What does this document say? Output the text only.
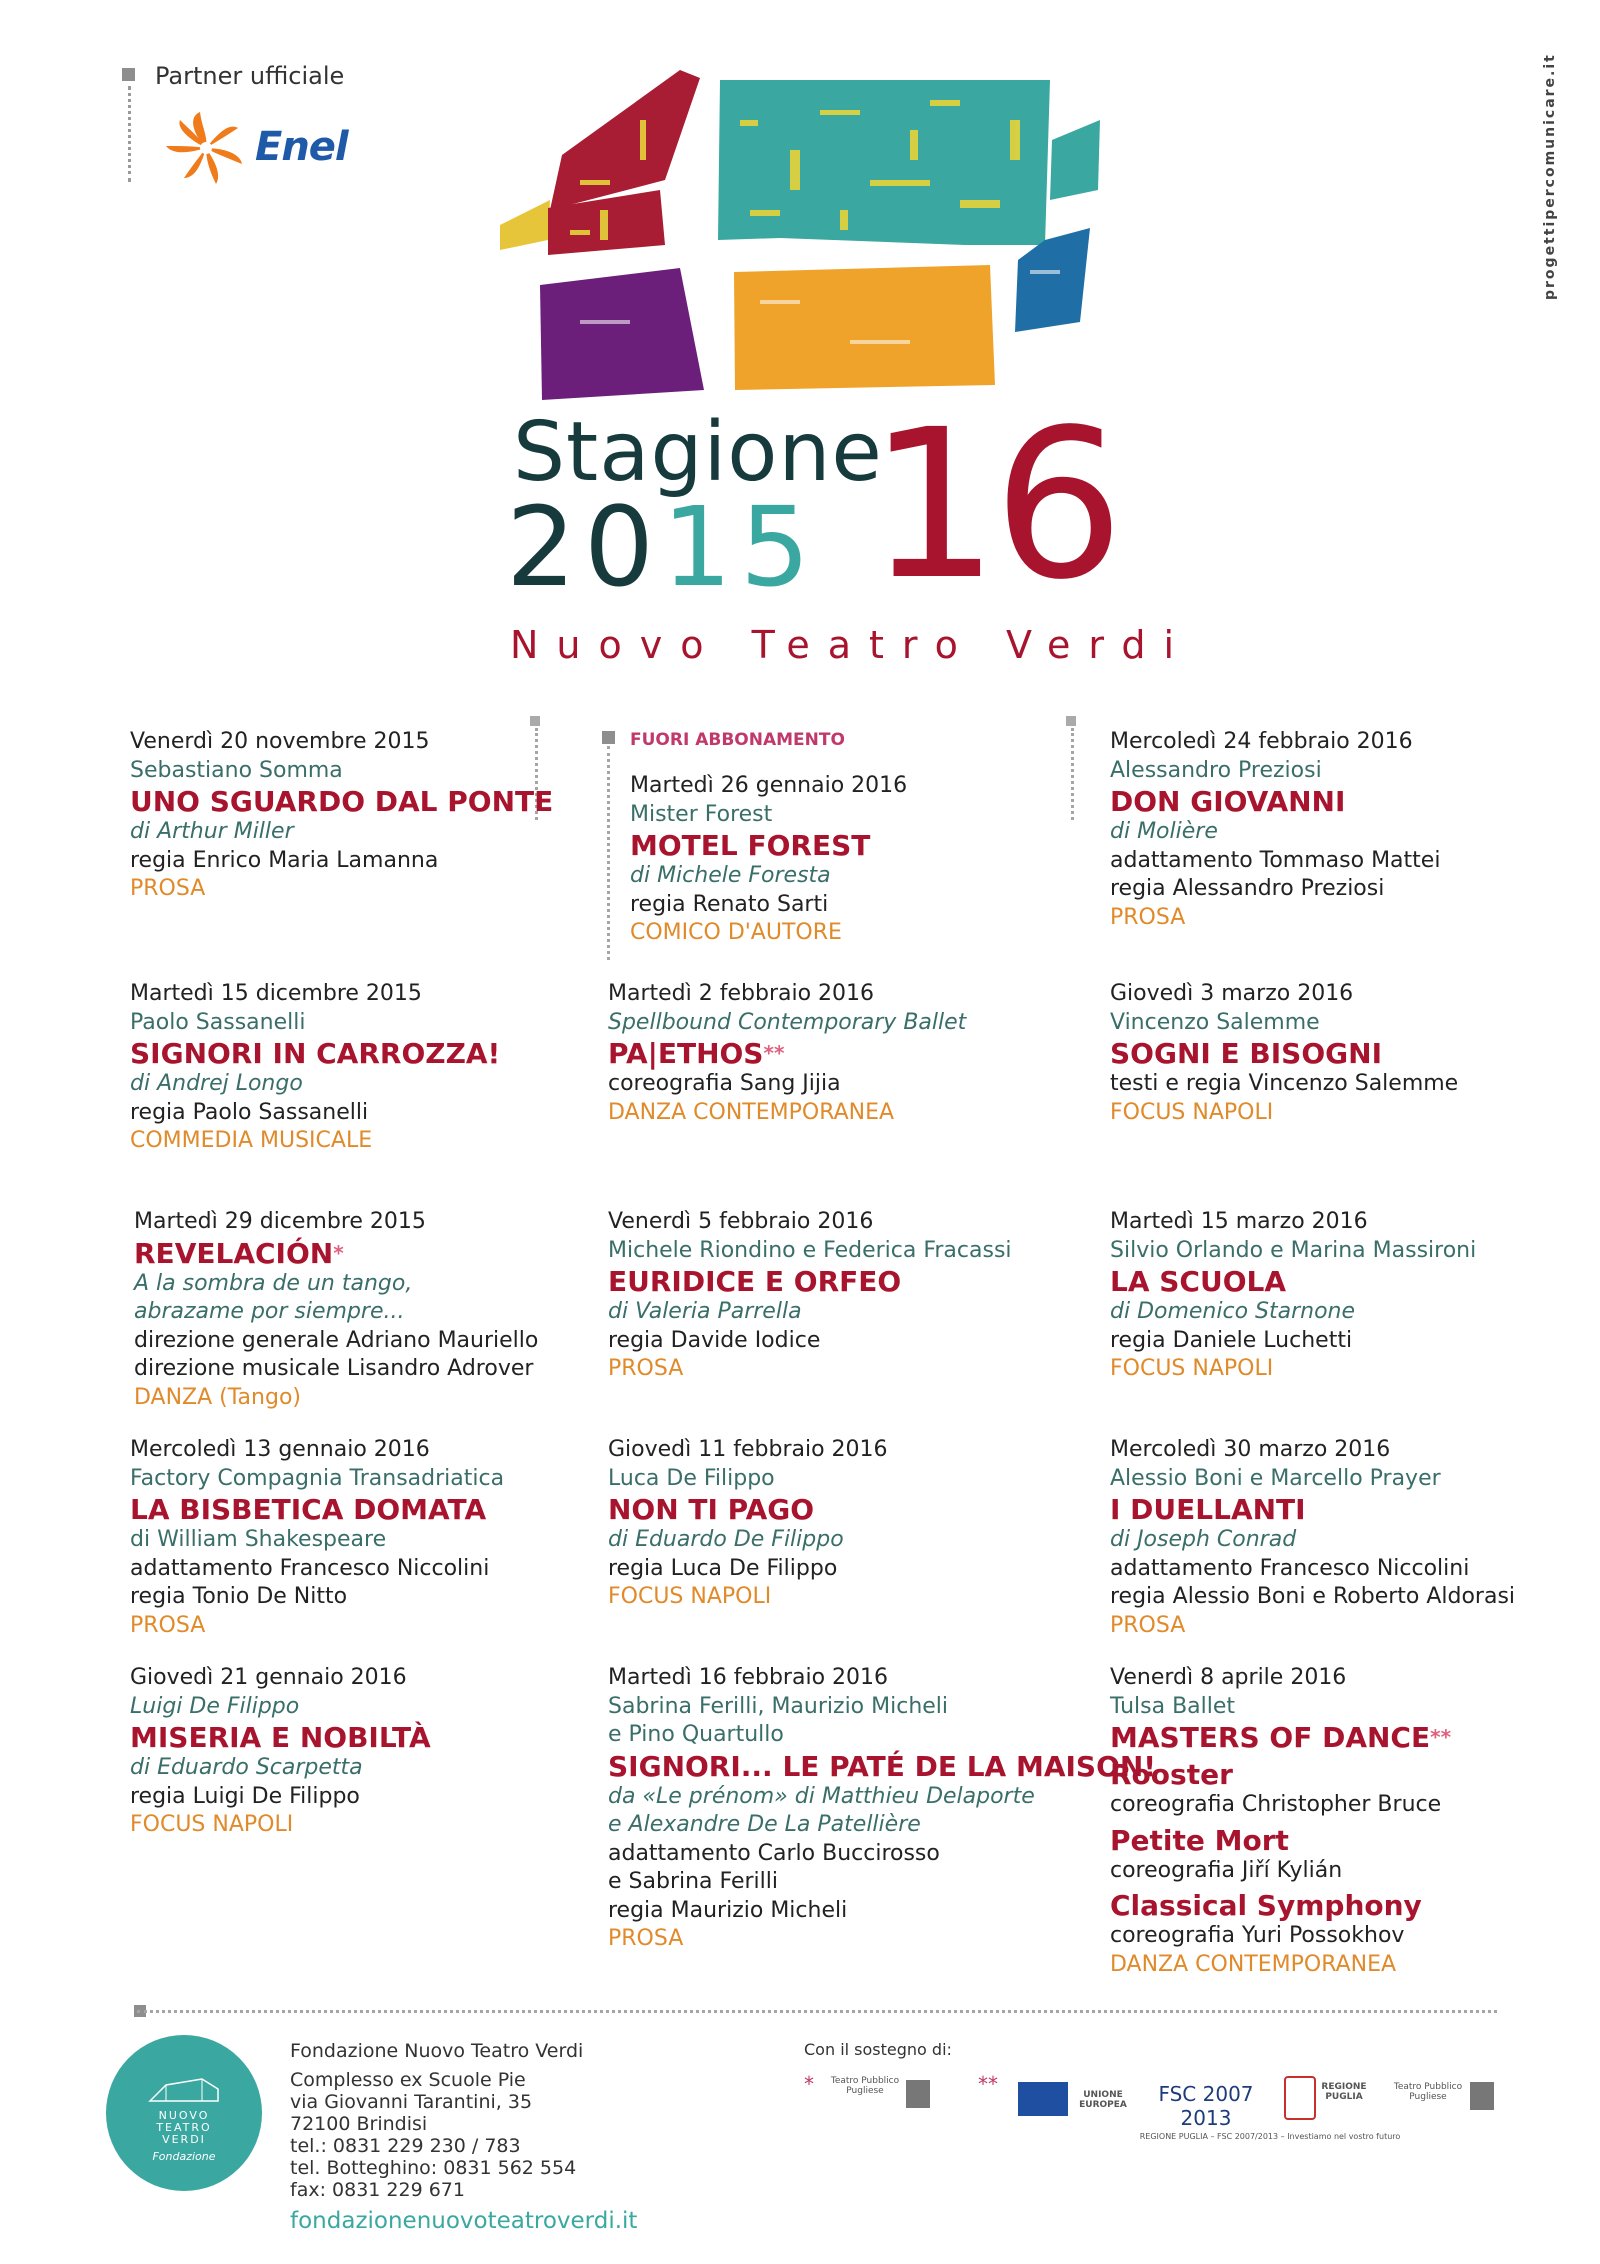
Partner ufficiale
Enel	progettipercomunicare.it
Stagione
2015 16
Nuovo Teatro Verdi
FUORI ABBONAMENTO
Venerdì 20 novembre 2015
Sebastiano Somma
UNO SGUARDO DAL PONTE
di Arthur Miller
regia Enrico Maria Lamanna
PROSA
Martedì 15 dicembre 2015
Paolo Sassanelli
SIGNORI IN CARROZZA!
di Andrej Longo
regia Paolo Sassanelli
COMMEDIA MUSICALE
Martedì 29 dicembre 2015
REVELACIÓN*
A la sombra de un tango,
abrazame por siempre...
direzione generale Adriano Mauriello
direzione musicale Lisandro Adrover
DANZA (Tango)
Mercoledì 13 gennaio 2016
Factory Compagnia Transadriatica
LA BISBETICA DOMATA
di William Shakespeare
adattamento Francesco Niccolini
regia Tonio De Nitto
PROSA
Giovedì 21 gennaio 2016
Luigi De Filippo
MISERIA E NOBILTÀ
di Eduardo Scarpetta
regia Luigi De Filippo
FOCUS NAPOLI
Martedì 26 gennaio 2016
Mister Forest
MOTEL FOREST
di Michele Foresta
regia Renato Sarti
COMICO D'AUTORE
Martedì 2 febbraio 2016
Spellbound Contemporary Ballet
PA|ETHOS**
coreografia Sang Jijia
DANZA CONTEMPORANEA
Venerdì 5 febbraio 2016
Michele Riondino e Federica Fracassi
EURIDICE E ORFEO
di Valeria Parrella
regia Davide Iodice
PROSA
Giovedì 11 febbraio 2016
Luca De Filippo
NON TI PAGO
di Eduardo De Filippo
regia Luca De Filippo
FOCUS NAPOLI
Martedì 16 febbraio 2016
Sabrina Ferilli, Maurizio Micheli
e Pino Quartullo
SIGNORI... LE PATÉ DE LA MAISON!
da «Le prénom» di Matthieu Delaporte
e Alexandre De La Patellière
adattamento Carlo Buccirosso
e Sabrina Ferilli
regia Maurizio Micheli
PROSA
Mercoledì 24 febbraio 2016
Alessandro Preziosi
DON GIOVANNI
di Molière
adattamento Tommaso Mattei
regia Alessandro Preziosi
PROSA
Giovedì 3 marzo 2016
Vincenzo Salemme
SOGNI E BISOGNI
testi e regia Vincenzo Salemme
FOCUS NAPOLI
Martedì 15 marzo 2016
Silvio Orlando e Marina Massironi
LA SCUOLA
di Domenico Starnone
regia Daniele Luchetti
FOCUS NAPOLI
Mercoledì 30 marzo 2016
Alessio Boni e Marcello Prayer
I DUELLANTI
di Joseph Conrad
adattamento Francesco Niccolini
regia Alessio Boni e Roberto Aldorasi
PROSA
Venerdì 8 aprile 2016
Tulsa Ballet
MASTERS OF DANCE**
Rooster
coreografia Christopher Bruce
Petite Mort
coreografia Jiří Kylián
Classical Symphony
coreografia Yuri Possokhov
DANZA CONTEMPORANEA
NUOVO
TEATRO
VERDI
Fondazione
Fondazione Nuovo Teatro Verdi
Complesso ex Scuole Pie
via Giovanni Tarantini, 35
72100 Brindisi
tel.: 0831 229 230 / 783
tel. Botteghino: 0831 562 554
fax: 0831 229 671
fondazionenuovoteatroverdi.it
Con il sostegno di:
*	**
Teatro Pubblico Pugliese	UNIONE EUROPEA	FSC 2007 2013
REGIONE PUGLIA
Teatro Pubblico Pugliese
REGIONE PUGLIA – FSC 2007/2013 – Investiamo nel vostro futuro
